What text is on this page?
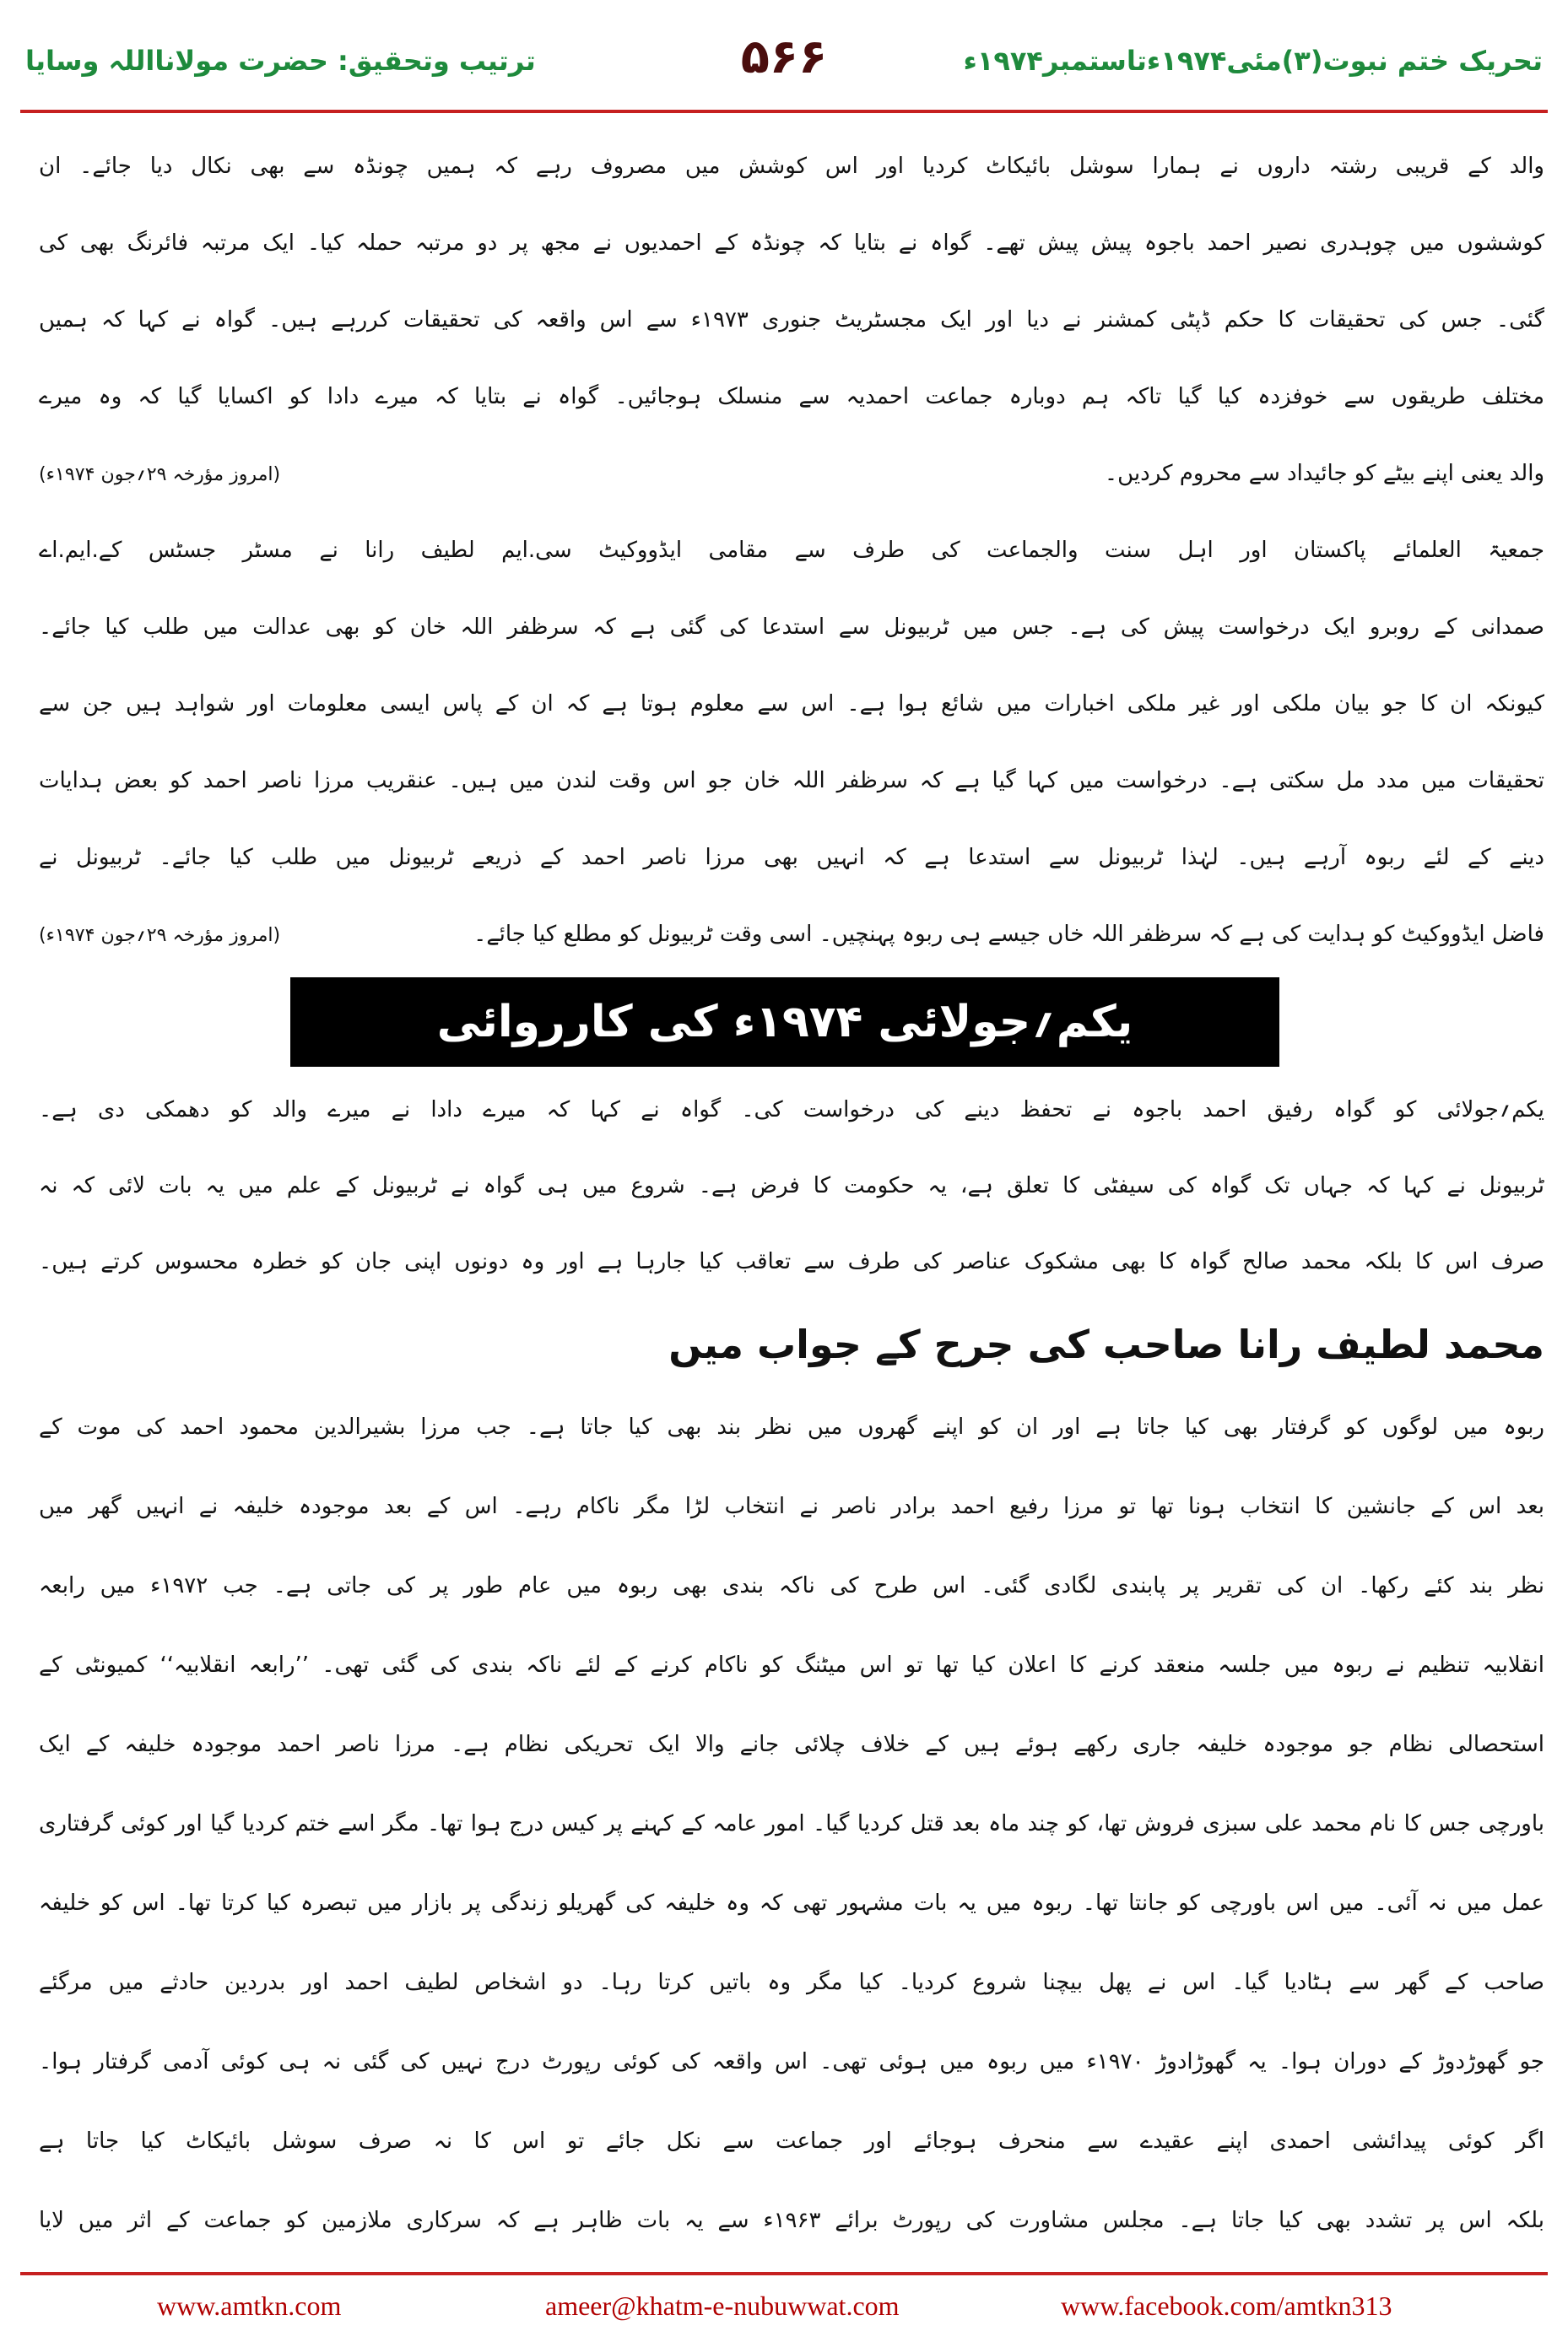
تحریک ختم نبوت(۳)مئی۱۹۷۴ءتاستمبر۱۹۷۴ء
۵۶۶
ترتیب وتحقیق: حضرت مولانااللہ وسایا
والد کے قریبی رشتہ داروں نے ہمارا سوشل بائیکاٹ کردیا اور اس کوشش میں مصروف رہے کہ ہمیں چونڈہ سے بھی نکال دیا جائے۔ ان
کوششوں میں چوہدری نصیر احمد باجوہ پیش پیش تھے۔ گواہ نے بتایا کہ چونڈہ کے احمدیوں نے مجھ پر دو مرتبہ حملہ کیا۔ ایک مرتبہ فائرنگ بھی کی
گئی۔ جس کی تحقیقات کا حکم ڈپٹی کمشنر نے دیا اور ایک مجسٹریٹ جنوری ۱۹۷۳ء سے اس واقعہ کی تحقیقات کررہے ہیں۔ گواہ نے کہا کہ ہمیں
مختلف طریقوں سے خوفزدہ کیا گیا تاکہ ہم دوبارہ جماعت احمدیہ سے منسلک ہوجائیں۔ گواہ نے بتایا کہ میرے دادا کو اکسایا گیا کہ وہ میرے
والد یعنی اپنے بیٹے کو جائیداد سے محروم کردیں۔
(امروز مؤرخہ ۲۹؍جون ۱۹۷۴ء)
جمعیۃ العلمائے پاکستان اور اہل سنت والجماعت کی طرف سے مقامی ایڈووکیٹ سی.ایم لطیف رانا نے مسٹر جسٹس کے.ایم.اے
صمدانی کے روبرو ایک درخواست پیش کی ہے۔ جس میں ٹربیونل سے استدعا کی گئی ہے کہ سرظفر اللہ خان کو بھی عدالت میں طلب کیا جائے۔
کیونکہ ان کا جو بیان ملکی اور غیر ملکی اخبارات میں شائع ہوا ہے۔ اس سے معلوم ہوتا ہے کہ ان کے پاس ایسی معلومات اور شواہد ہیں جن سے
تحقیقات میں مدد مل سکتی ہے۔ درخواست میں کہا گیا ہے کہ سرظفر اللہ خان جو اس وقت لندن میں ہیں۔ عنقریب مرزا ناصر احمد کو بعض ہدایات
دینے کے لئے ربوہ آرہے ہیں۔ لہٰذا ٹربیونل سے استدعا ہے کہ انہیں بھی مرزا ناصر احمد کے ذریعے ٹربیونل میں طلب کیا جائے۔ ٹربیونل نے
فاضل ایڈووکیٹ کو ہدایت کی ہے کہ سرظفر اللہ خاں جیسے ہی ربوہ پہنچیں۔ اسی وقت ٹربیونل کو مطلع کیا جائے۔
(امروز مؤرخہ ۲۹؍جون ۱۹۷۴ء)
یکم؍جولائی ۱۹۷۴ء کی کارروائی
یکم؍جولائی کو گواہ رفیق احمد باجوہ نے تحفظ دینے کی درخواست کی۔ گواہ نے کہا کہ میرے دادا نے میرے والد کو دھمکی دی ہے۔
ٹربیونل نے کہا کہ جہاں تک گواہ کی سیفٹی کا تعلق ہے، یہ حکومت کا فرض ہے۔ شروع میں ہی گواہ نے ٹربیونل کے علم میں یہ بات لائی کہ نہ
صرف اس کا بلکہ محمد صالح گواہ کا بھی مشکوک عناصر کی طرف سے تعاقب کیا جارہا ہے اور وہ دونوں اپنی جان کو خطرہ محسوس کرتے ہیں۔
محمد لطیف رانا صاحب کی جرح کے جواب میں
ربوہ میں لوگوں کو گرفتار بھی کیا جاتا ہے اور ان کو اپنے گھروں میں نظر بند بھی کیا جاتا ہے۔ جب مرزا بشیرالدین محمود احمد کی موت کے
بعد اس کے جانشین کا انتخاب ہونا تھا تو مرزا رفیع احمد برادر ناصر نے انتخاب لڑا مگر ناکام رہے۔ اس کے بعد موجودہ خلیفہ نے انہیں گھر میں
نظر بند کئے رکھا۔ ان کی تقریر پر پابندی لگادی گئی۔ اس طرح کی ناکہ بندی بھی ربوہ میں عام طور پر کی جاتی ہے۔ جب ۱۹۷۲ء میں رابعہ
انقلابیہ تنظیم نے ربوہ میں جلسہ منعقد کرنے کا اعلان کیا تھا تو اس میٹنگ کو ناکام کرنے کے لئے ناکہ بندی کی گئی تھی۔ ’’رابعہ انقلابیہ‘‘ کمیونٹی کے
استحصالی نظام جو موجودہ خلیفہ جاری رکھے ہوئے ہیں کے خلاف چلائی جانے والا ایک تحریکی نظام ہے۔ مرزا ناصر احمد موجودہ خلیفہ کے ایک
باورچی جس کا نام محمد علی سبزی فروش تھا، کو چند ماہ بعد قتل کردیا گیا۔ امور عامہ کے کہنے پر کیس درج ہوا تھا۔ مگر اسے ختم کردیا گیا اور کوئی گرفتاری
عمل میں نہ آئی۔ میں اس باورچی کو جانتا تھا۔ ربوہ میں یہ بات مشہور تھی کہ وہ خلیفہ کی گھریلو زندگی پر بازار میں تبصرہ کیا کرتا تھا۔ اس کو خلیفہ
صاحب کے گھر سے ہٹادیا گیا۔ اس نے پھل بیچنا شروع کردیا۔ کیا مگر وہ باتیں کرتا رہا۔ دو اشخاص لطیف احمد اور بدردین حادثے میں مرگئے
جو گھوڑدوڑ کے دوران ہوا۔ یہ گھوڑادوڑ ۱۹۷۰ء میں ربوہ میں ہوئی تھی۔ اس واقعہ کی کوئی رپورٹ درج نہیں کی گئی نہ ہی کوئی آدمی گرفتار ہوا۔
اگر کوئی پیدائشی احمدی اپنے عقیدے سے منحرف ہوجائے اور جماعت سے نکل جائے تو اس کا نہ صرف سوشل بائیکاٹ کیا جاتا ہے
بلکہ اس پر تشدد بھی کیا جاتا ہے۔ مجلس مشاورت کی رپورٹ برائے ۱۹۶۳ء سے یہ بات ظاہر ہے کہ سرکاری ملازمین کو جماعت کے اثر میں لایا
www.amtkn.com	ameer@khatm-e-nubuwwat.com	www.facebook.com/amtkn313
